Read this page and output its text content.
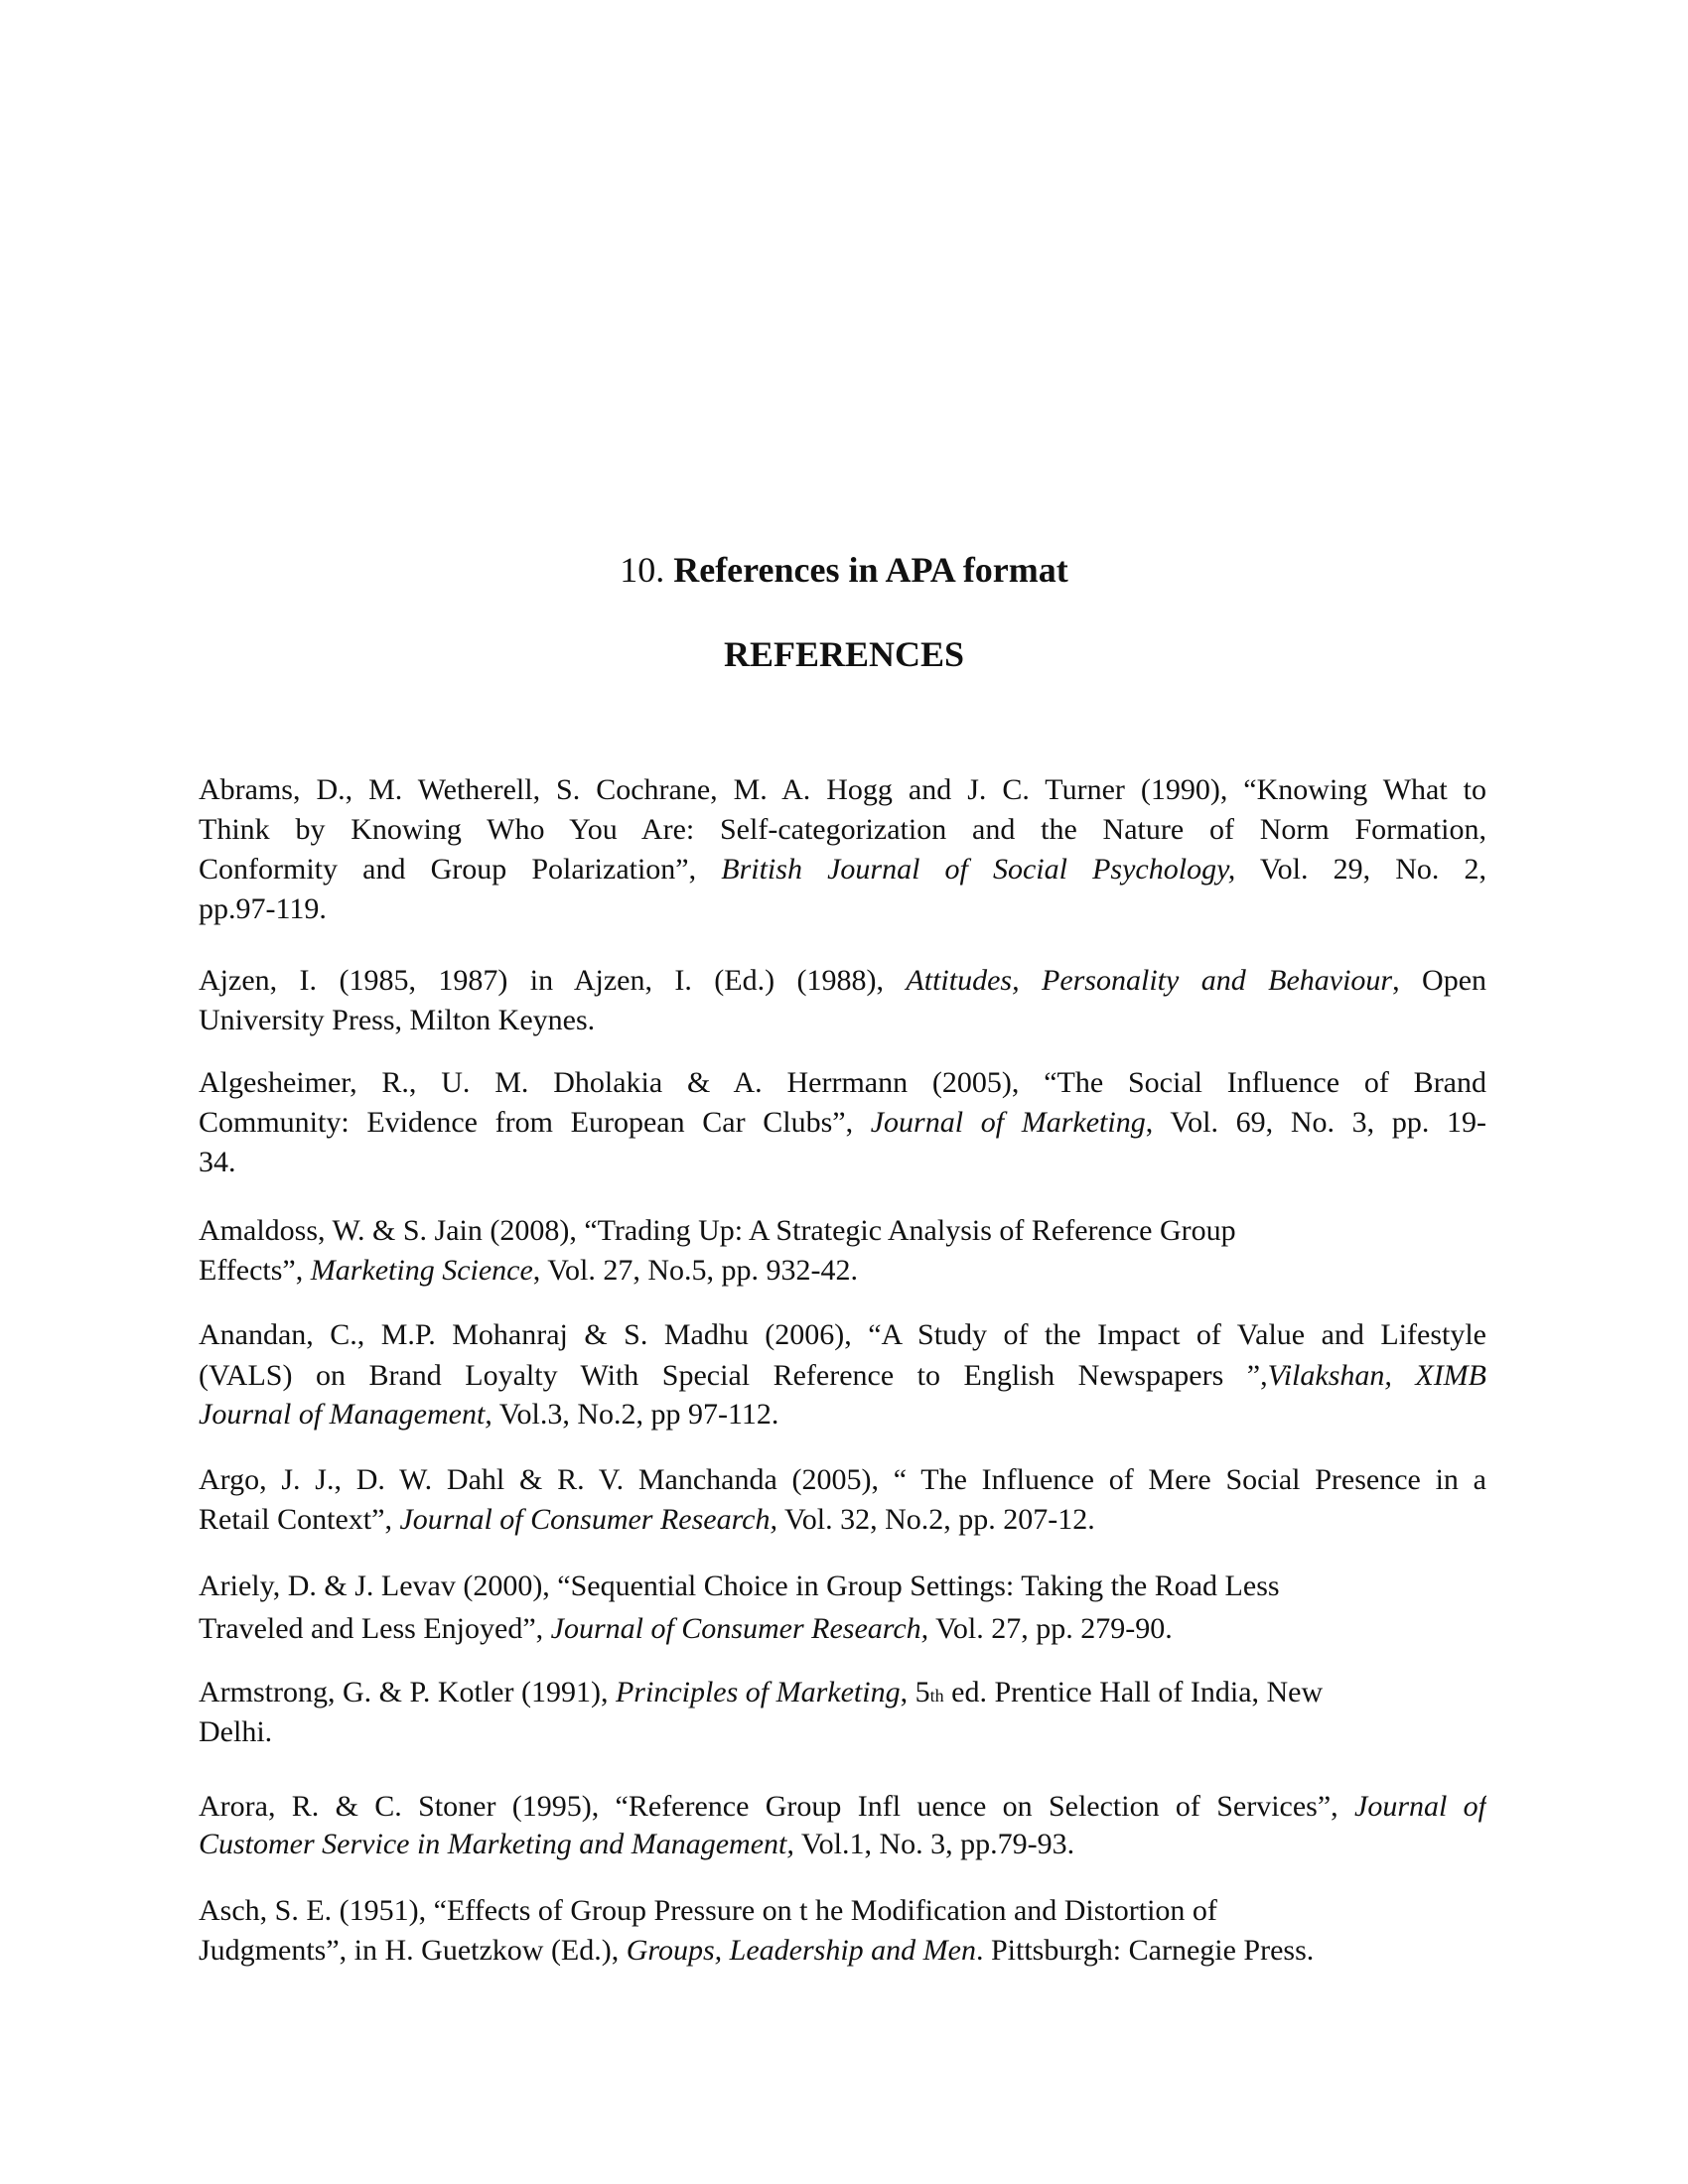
10. References in APA format
REFERENCES
Abrams, D., M. Wetherell, S. Cochrane, M. A. Hogg and J. C. Turner (1990), “Knowing What to
Think by Knowing Who You Are: Self-categorization and the Nature of Norm Formation,
Conformity and Group Polarization”, British Journal of Social Psychology, Vol. 29, No. 2,
pp.97-119.
Ajzen, I. (1985, 1987) in Ajzen, I. (Ed.) (1988), Attitudes, Personality and Behaviour, Open
University Press, Milton Keynes.
Algesheimer, R., U. M. Dholakia & A. Herrmann (2005), “The Social Influence of Brand
Community: Evidence from European Car Clubs”, Journal of Marketing, Vol. 69, No. 3, pp. 19-
34.
Amaldoss, W. & S. Jain (2008), “Trading Up: A Strategic Analysis of Reference Group
Effects”, Marketing Science, Vol. 27, No.5, pp. 932-42.
Anandan, C., M.P. Mohanraj & S. Madhu (2006), “A Study of the Impact of Value and Lifestyle
(VALS) on Brand Loyalty With Special Reference to English Newspapers ”,Vilakshan, XIMB
Journal of Management, Vol.3, No.2, pp 97-112.
Argo, J. J., D. W. Dahl & R. V. Manchanda (2005), “ The Influence of Mere Social Presence in a
Retail Context”, Journal of Consumer Research, Vol. 32, No.2, pp. 207-12.
Ariely, D. & J. Levav (2000), “Sequential Choice in Group Settings: Taking the Road Less
Traveled and Less Enjoyed”, Journal of Consumer Research, Vol. 27, pp. 279-90.
Armstrong, G. & P. Kotler (1991), Principles of Marketing, 5th ed. Prentice Hall of India, New
Delhi.
Arora, R. & C. Stoner (1995), “Reference Group Infl uence on Selection of Services”, Journal of
Customer Service in Marketing and Management, Vol.1, No. 3, pp.79-93.
Asch, S. E. (1951), “Effects of Group Pressure on t he Modification and Distortion of
Judgments”, in H. Guetzkow (Ed.), Groups, Leadership and Men. Pittsburgh: Carnegie Press.
